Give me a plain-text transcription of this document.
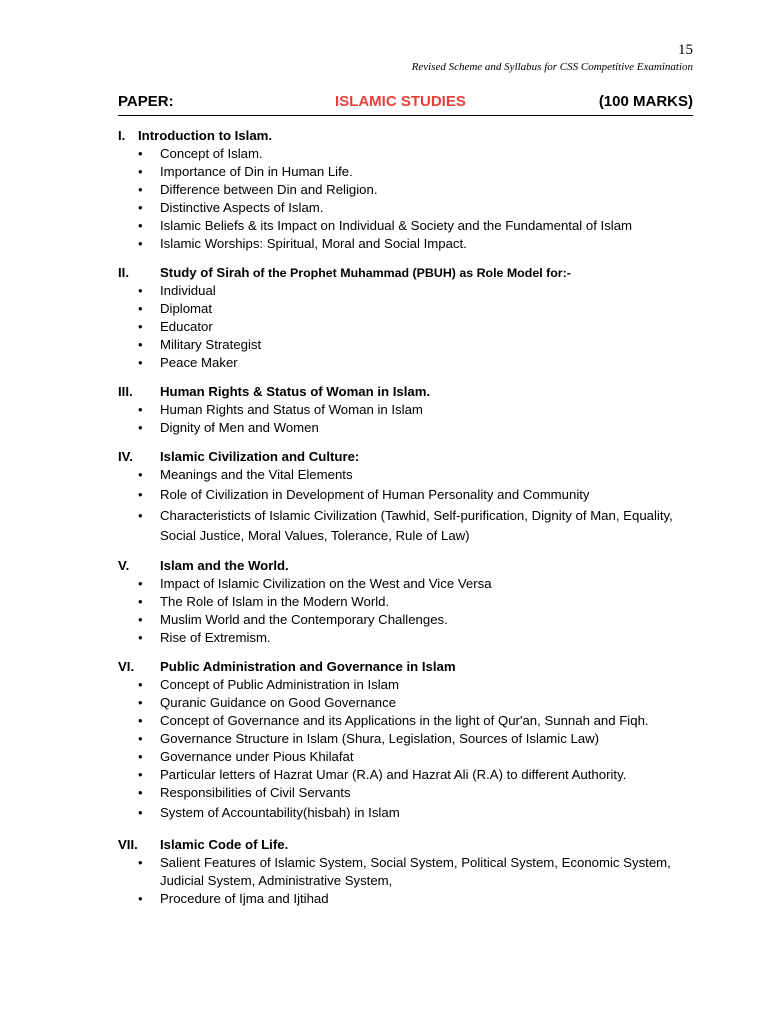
15
Revised Scheme and Syllabus for CSS Competitive Examination
PAPER:	ISLAMIC STUDIES	(100 MARKS)
I. Introduction to Islam.
• Concept of Islam.
• Importance of Din in Human Life.
• Difference between Din and Religion.
• Distinctive Aspects of Islam.
• Islamic Beliefs & its Impact on Individual & Society and the Fundamental of Islam
• Islamic Worships: Spiritual, Moral and Social Impact.
II.	Study of Sirah of the Prophet Muhammad (PBUH) as Role Model for:-
• Individual
• Diplomat
• Educator
• Military Strategist
• Peace Maker
III.	Human Rights & Status of Woman in Islam.
• Human Rights and Status of Woman in Islam
• Dignity of Men and Women
IV.	Islamic Civilization and Culture:
• Meanings and the Vital Elements
• Role of Civilization in Development of Human Personality and Community
• Characteristicts of Islamic Civilization (Tawhid, Self-purification, Dignity of Man, Equality, Social Justice, Moral Values, Tolerance, Rule of Law)
V.	Islam and the World.
• Impact of Islamic Civilization on the West and Vice Versa
• The Role of Islam in the Modern World.
• Muslim World and the Contemporary Challenges.
• Rise of Extremism.
VI.	Public Administration and Governance in Islam
• Concept of Public Administration in Islam
• Quranic Guidance on Good Governance
• Concept of Governance and its Applications in the light of Qur'an, Sunnah and Fiqh.
• Governance Structure in Islam (Shura, Legislation, Sources of Islamic Law)
• Governance under Pious Khilafat
• Particular letters of Hazrat Umar (R.A) and Hazrat Ali (R.A) to different Authority.
• Responsibilities of Civil Servants
• System of Accountability(hisbah) in Islam
VII.	Islamic Code of Life.
• Salient Features of Islamic System, Social System, Political System, Economic System, Judicial System, Administrative System,
• Procedure of Ijma and Ijtihad
